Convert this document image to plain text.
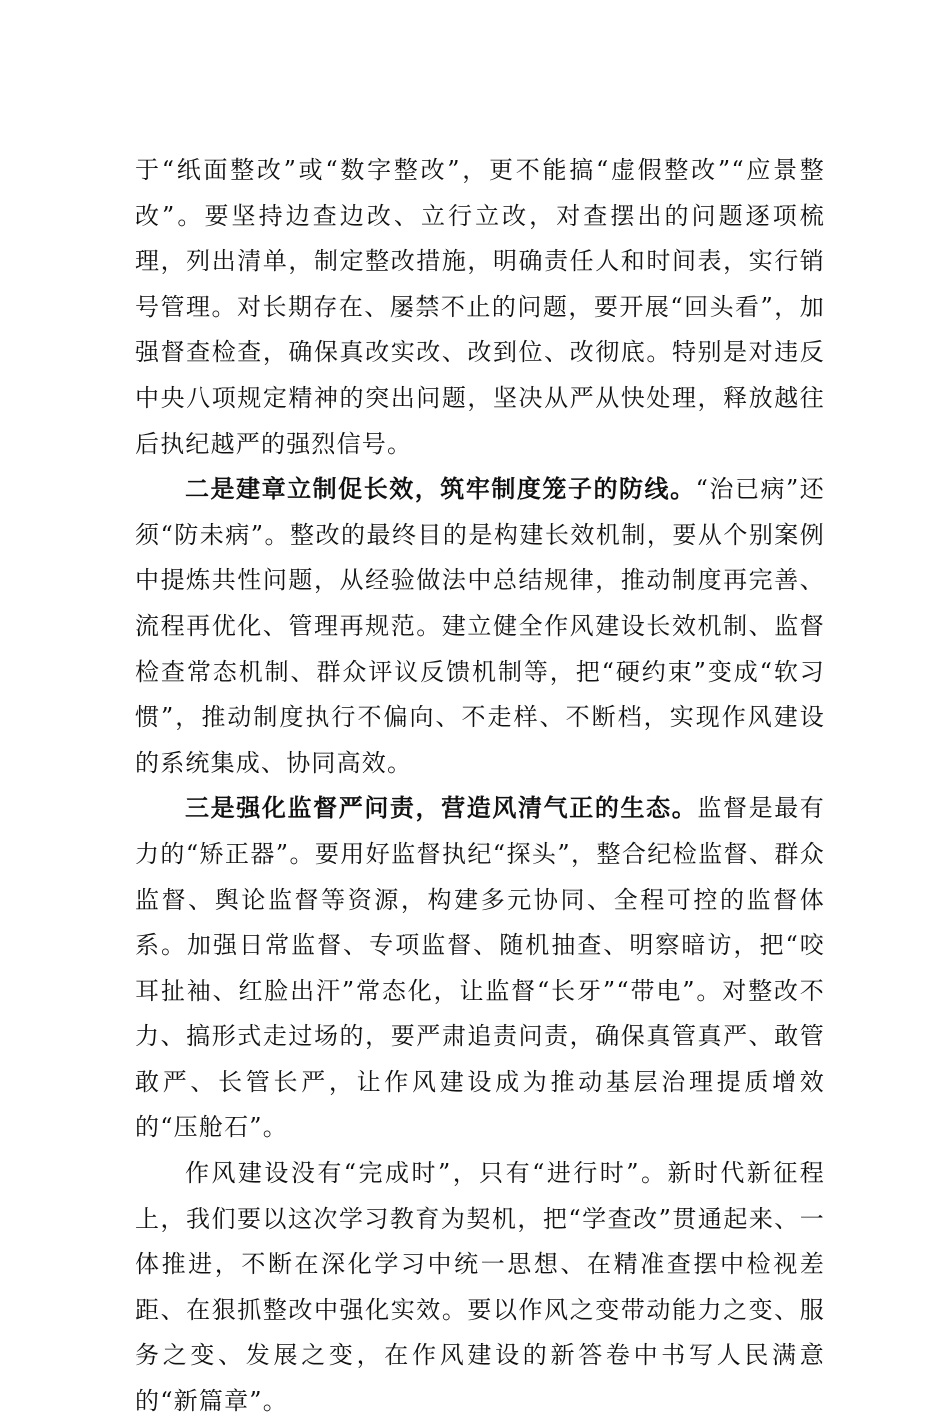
于“纸面整改”或“数字整改”，更不能搞“虚假整改”“应景整改”。要坚持边查边改、立行立改，对查摆出的问题逐项梳理，列出清单，制定整改措施，明确责任人和时间表，实行销号管理。对长期存在、屡禁不止的问题，要开展“回头看”，加强督查检查，确保真改实改、改到位、改彻底。特别是对违反中央八项规定精神的突出问题，坚决从严从快处理，释放越往后执纪越严的强烈信号。

二是建章立制促长效，筑牢制度笼子的防线。“治已病”还须“防未病”。整改的最终目的是构建长效机制，要从个别案例中提炼共性问题，从经验做法中总结规律，推动制度再完善、流程再优化、管理再规范。建立健全作风建设长效机制、监督检查常态机制、群众评议反馈机制等，把“硬约束”变成“软习惯”，推动制度执行不偏向、不走样、不断档，实现作风建设的系统集成、协同高效。

三是强化监督严问责，营造风清气正的生态。监督是最有力的“矫正器”。要用好监督执纪“探头”，整合纪检监督、群众监督、舆论监督等资源，构建多元协同、全程可控的监督体系。加强日常监督、专项监督、随机抽查、明察暗访，把“咬耳扯袖、红脸出汗”常态化，让监督“长牙”“带电”。对整改不力、搞形式走过场的，要严肃追责问责，确保真管真严、敢管敢严、长管长严，让作风建设成为推动基层治理提质增效的“压舱石”。

作风建设没有“完成时”，只有“进行时”。新时代新征程上，我们要以这次学习教育为契机，把“学查改”贯通起来、一体推进，不断在深化学习中统一思想、在精准查摆中检视差距、在狠抓整改中强化实效。要以作风之变带动能力之变、服务之变、发展之变，在作风建设的新答卷中书写人民满意的“新篇章”。
